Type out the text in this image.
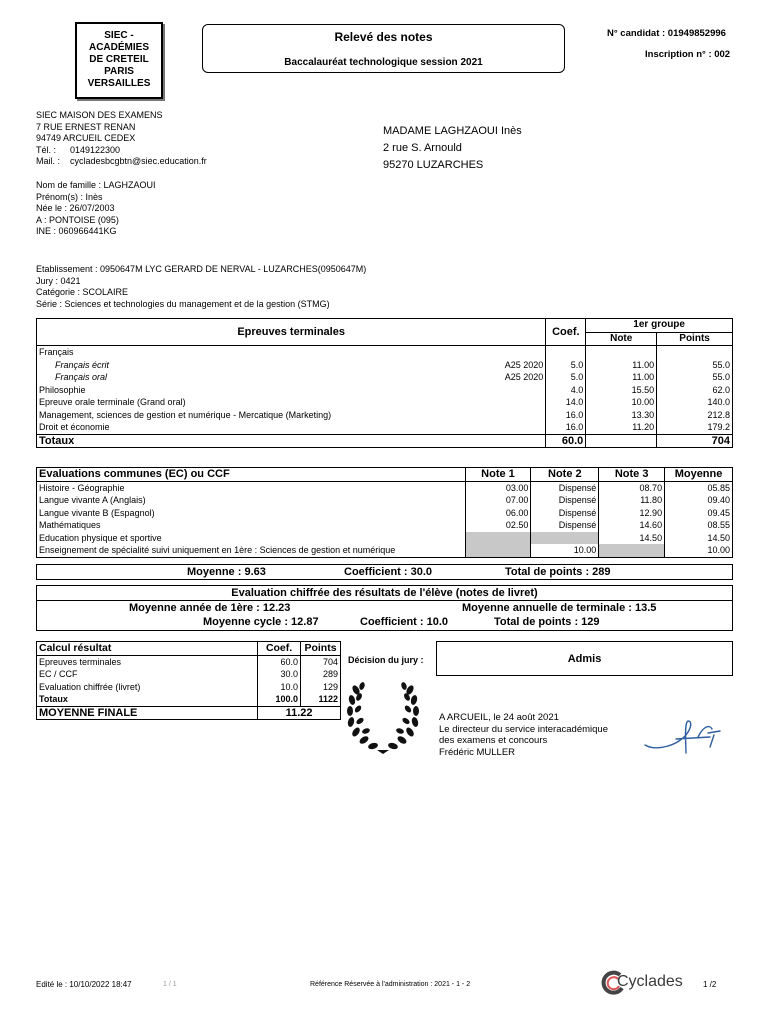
SIEC -
ACADÉMIES
DE CRETEIL
PARIS
VERSAILLES
Relevé des notes
Baccalauréat technologique session 2021
N° candidat : 01949852996
Inscription n° : 002
SIEC MAISON DES EXAMENS
7 RUE ERNEST RENAN
94749 ARCUEIL CEDEX
Tél. : 0149122300
Mail. : cycladesbcgbtn@siec.education.fr
MADAME LAGHZAOUI Inès
2 rue S. Arnould
95270 LUZARCHES
Nom de famille : LAGHZAOUI
Prénom(s) : Inès
Née le : 26/07/2003
A : PONTOISE (095)
INE : 060966441KG
Etablissement : 0950647M LYC GERARD DE NERVAL - LUZARCHES(0950647M)
Jury : 0421
Catégorie : SCOLAIRE
Série : Sciences et technologies du management et de la gestion (STMG)
Epreuves terminales		Coef.	1er groupe	
			Note	Points
Français				
Français écrit	A25 2020	5.0	11.00	55.0
Français oral	A25 2020	5.0	11.00	55.0
Philosophie		4.0	15.50	62.0
Epreuve orale terminale (Grand oral)		14.0	10.00	140.0
Management, sciences de gestion et numérique - Mercatique (Marketing)		16.0	13.30	212.8
Droit et économie		16.0	11.20	179.2
Totaux		60.0		704
Evaluations communes (EC) ou CCF	Note 1	Note 2	Note 3	Moyenne
Histoire - Géographie	03.00	Dispensé	08.70	05.85
Langue vivante A (Anglais)	07.00	Dispensé	11.80	09.40
Langue vivante B (Espagnol)	06.00	Dispensé	12.90	09.45
Mathématiques	02.50	Dispensé	14.60	08.55
Education physique et sportive			14.50	14.50
Enseignement de spécialité suivi uniquement en 1ère : Sciences de gestion et numérique		10.00		10.00
Moyenne : 9.63	Coefficient : 30.0	Total de points : 289
Evaluation chiffrée des résultats de l'élève (notes de livret)
Moyenne année de 1ère : 12.23	Moyenne annuelle de terminale : 13.5
Moyenne cycle : 12.87	Coefficient : 10.0	Total de points : 129
Calcul résultat	Coef.	Points
Epreuves terminales	60.0	704
EC / CCF	30.0	289
Evaluation chiffrée (livret)	10.0	129
Totaux	100.0	1122
MOYENNE FINALE	11.22	
Décision du jury :	Admis
A ARCUEIL, le 24 août 2021
Le directeur du service interacadémique
des examens et concours
Frédéric MULLER
Edité le : 10/10/2022 18:47	1 / 1	Référence Réservée à l'administration : 2021 - 1 - 2	Cyclades	1 /2
